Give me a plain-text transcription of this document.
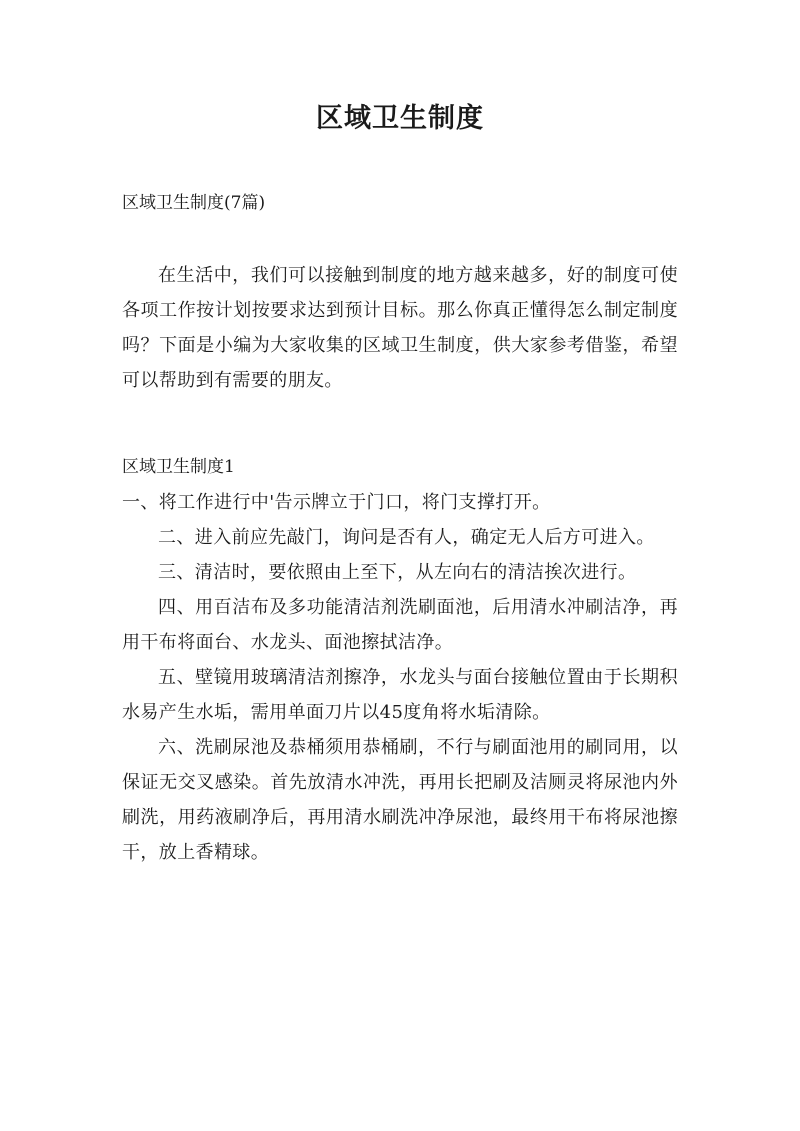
区域卫生制度

区域卫生制度(7篇)

在生活中，我们可以接触到制度的地方越来越多，好的制度可使各项工作按计划按要求达到预计目标。那么你真正懂得怎么制定制度吗？下面是小编为大家收集的区域卫生制度，供大家参考借鉴，希望可以帮助到有需要的朋友。

区域卫生制度1

一、将工作进行中'告示牌立于门口，将门支撑打开。

二、进入前应先敲门，询问是否有人，确定无人后方可进入。

三、清洁时，要依照由上至下，从左向右的清洁挨次进行。

四、用百洁布及多功能清洁剂洗刷面池，后用清水冲刷洁净，再用干布将面台、水龙头、面池擦拭洁净。

五、壁镜用玻璃清洁剂擦净，水龙头与面台接触位置由于长期积水易产生水垢，需用单面刀片以45度角将水垢清除。

六、洗刷尿池及恭桶须用恭桶刷，不行与刷面池用的刷同用，以保证无交叉感染。首先放清水冲洗，再用长把刷及洁厕灵将尿池内外刷洗，用药液刷净后，再用清水刷洗冲净尿池，最终用干布将尿池擦干，放上香精球。
